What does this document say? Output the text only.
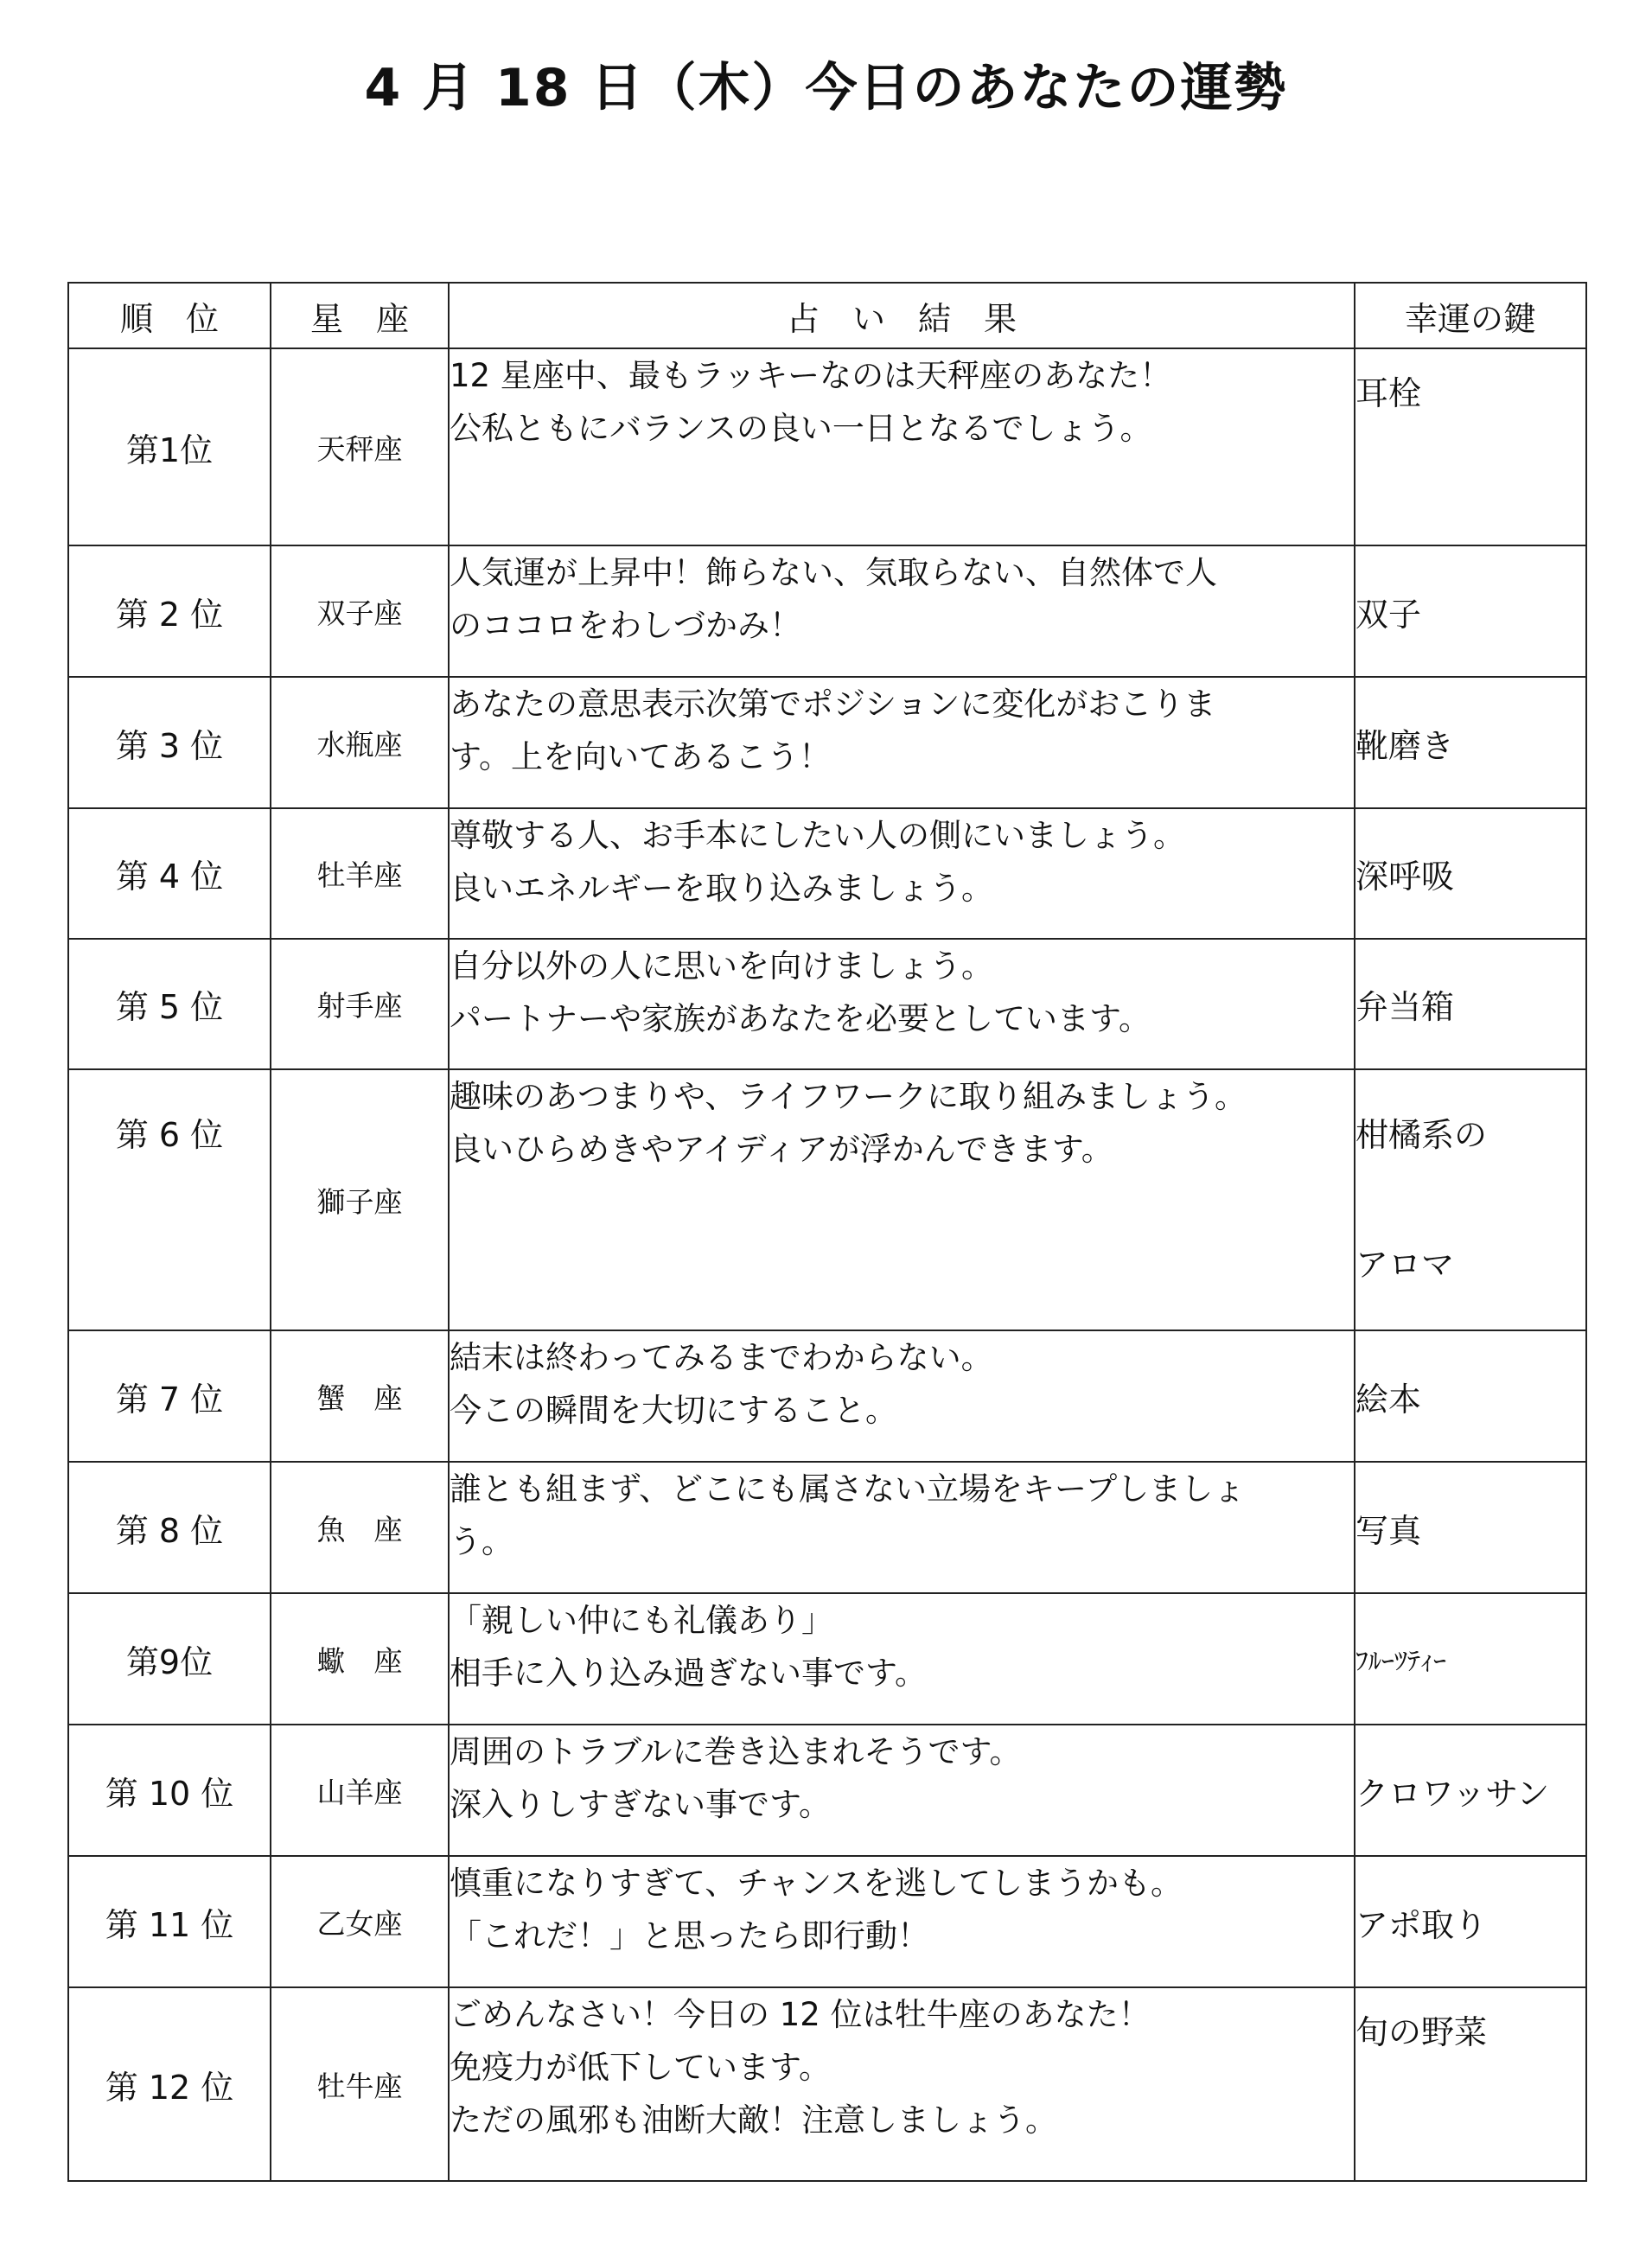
4 月 18 日（木）今日のあなたの運勢
順　位	星　座	占　い　結　果	幸運の鍵
第1位	天秤座	12 星座中、最もラッキーなのは天秤座のあなた！
公私ともにバランスの良い一日となるでしょう。	耳栓

第 2 位	双子座	人気運が上昇中！飾らない、気取らない、自然体で人
のココロをわしづかみ！	双子

第 3 位	水瓶座	あなたの意思表示次第でポジションに変化がおこりま
す。上を向いてあるこう！	靴磨き

第 4 位	牡羊座	尊敬する人、お手本にしたい人の側にいましょう。
良いエネルギーを取り込みましょう。	深呼吸

第 5 位	射手座	自分以外の人に思いを向けましょう。
パートナーや家族があなたを必要としています。	弁当箱

第 6 位	獅子座	趣味のあつまりや、ライフワークに取り組みましょう。
良いひらめきやアイディアが浮かんできます。	柑橘系の
アロマ

第 7 位	蟹　座	結末は終わってみるまでわからない。
今この瞬間を大切にすること。	絵本

第 8 位	魚　座	誰とも組まず、どこにも属さない立場をキープしましょ
う。	写真

第9位	蠍　座	「親しい仲にも礼儀あり」
相手に入り込み過ぎない事です。	ﾌﾙｰﾂﾃｨｰ

第 10 位	山羊座	周囲のトラブルに巻き込まれそうです。
深入りしすぎない事です。	クロワッサン

第 11 位	乙女座	慎重になりすぎて、チャンスを逃してしまうかも。
「これだ！」と思ったら即行動！	アポ取り

第 12 位	牡牛座	ごめんなさい！今日の 12 位は牡牛座のあなた！
免疫力が低下しています。
ただの風邪も油断大敵！注意しましょう。	旬の野菜
